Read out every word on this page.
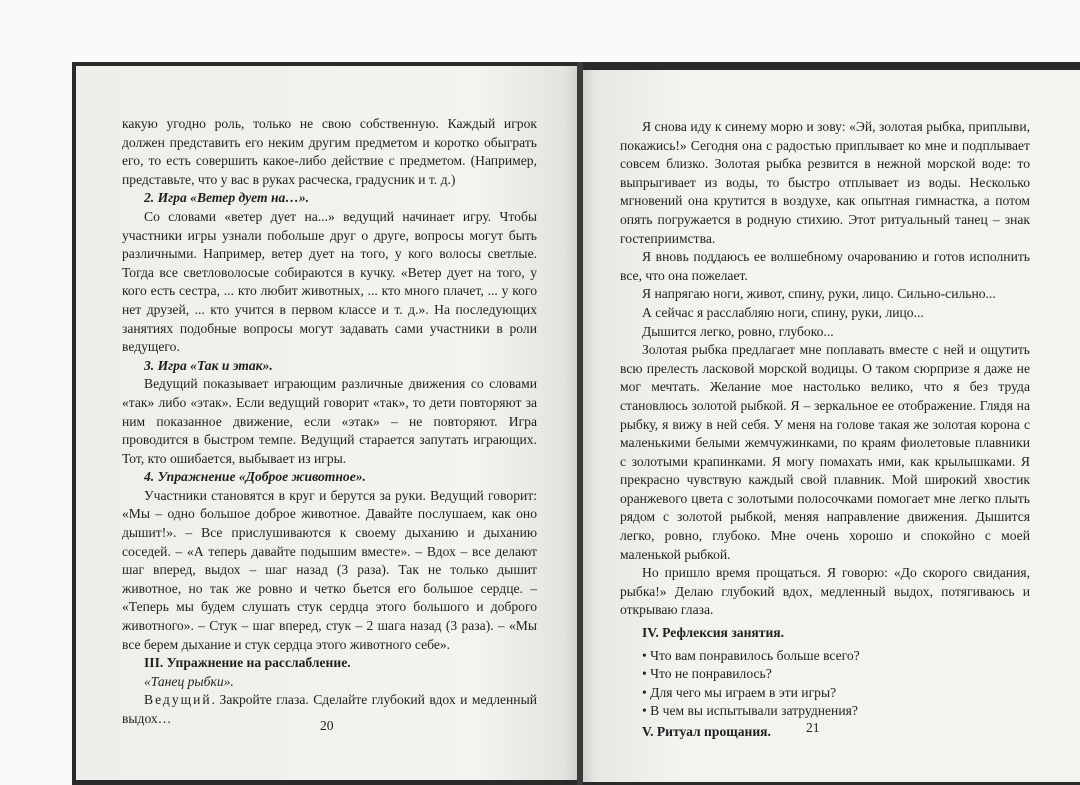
какую угодно роль, только не свою собственную. Каждый игрок должен представить его неким другим предметом и коротко обыграть его, то есть совершить какое-либо действие с предметом. (Например, представьте, что у вас в руках расческа, градусник и т. д.)

2. Игра «Ветер дует на…».

Со словами «ветер дует на...» ведущий начинает игру. Чтобы участники игры узнали побольше друг о друге, вопросы могут быть различными. Например, ветер дует на того, у кого волосы светлые. Тогда все светловолосые собираются в кучку. «Ветер дует на того, у кого есть сестра, ... кто любит животных, ... кто много плачет, ... у кого нет друзей, ... кто учится в первом классе и т. д.». На последующих занятиях подобные вопросы могут задавать сами участники в роли ведущего.

3. Игра «Так и этак».

Ведущий показывает играющим различные движения со словами «так» либо «этак». Если ведущий говорит «так», то дети повторяют за ним показанное движение, если «этак» – не повторяют. Игра проводится в быстром темпе. Ведущий старается запутать играющих. Тот, кто ошибается, выбывает из игры.

4. Упражнение «Доброе животное».

Участники становятся в круг и берутся за руки. Ведущий говорит: «Мы – одно большое доброе животное. Давайте послушаем, как оно дышит!». – Все прислушиваются к своему дыханию и дыханию соседей. – «А теперь давайте подышим вместе». – Вдох – все делают шаг вперед, выдох – шаг назад (3 раза). Так не только дышит животное, но так же ровно и четко бьется его большое сердце. – «Теперь мы будем слушать стук сердца этого большого и доброго животного». – Стук – шаг вперед, стук – 2 шага назад (3 раза). – «Мы все берем дыхание и стук сердца этого животного себе».

III. Упражнение на расслабление.

«Танец рыбки».

Ведущий. Закройте глаза. Сделайте глубокий вдох и медленный выдох…	20

Я снова иду к синему морю и зову: «Эй, золотая рыбка, приплыви, покажись!» Сегодня она с радостью приплывает ко мне и подплывает совсем близко. Золотая рыбка резвится в нежной морской воде: то выпрыгивает из воды, то быстро отплывает из воды. Несколько мгновений она крутится в воздухе, как опытная гимнастка, а потом опять погружается в родную стихию. Этот ритуальный танец – знак гостеприимства.

Я вновь поддаюсь ее волшебному очарованию и готов исполнить все, что она пожелает.

Я напрягаю ноги, живот, спину, руки, лицо. Сильно-сильно...

А сейчас я расслабляю ноги, спину, руки, лицо...

Дышится легко, ровно, глубоко...

Золотая рыбка предлагает мне поплавать вместе с ней и ощутить всю прелесть ласковой морской водицы. О таком сюрпризе я даже не мог мечтать. Желание мое настолько велико, что я без труда становлюсь золотой рыбкой. Я – зеркальное ее отображение. Глядя на рыбку, я вижу в ней себя. У меня на голове такая же золотая корона с маленькими белыми жемчужинками, по краям фиолетовые плавники с золотыми крапинками. Я могу помахать ими, как крылышками. Я прекрасно чувствую каждый свой плавник. Мой широкий хвостик оранжевого цвета с золотыми полосочками помогает мне легко плыть рядом с золотой рыбкой, меняя направление движения. Дышится легко, ровно, глубоко. Мне очень хорошо и спокойно с моей маленькой рыбкой.

Но пришло время прощаться. Я говорю: «До скорого свидания, рыбка!» Делаю глубокий вдох, медленный выдох, потягиваюсь и открываю глаза.

IV. Рефлексия занятия.

• Что вам понравилось больше всего?
• Что не понравилось?
• Для чего мы играем в эти игры?
• В чем вы испытывали затруднения?

V. Ритуал прощания.	21
